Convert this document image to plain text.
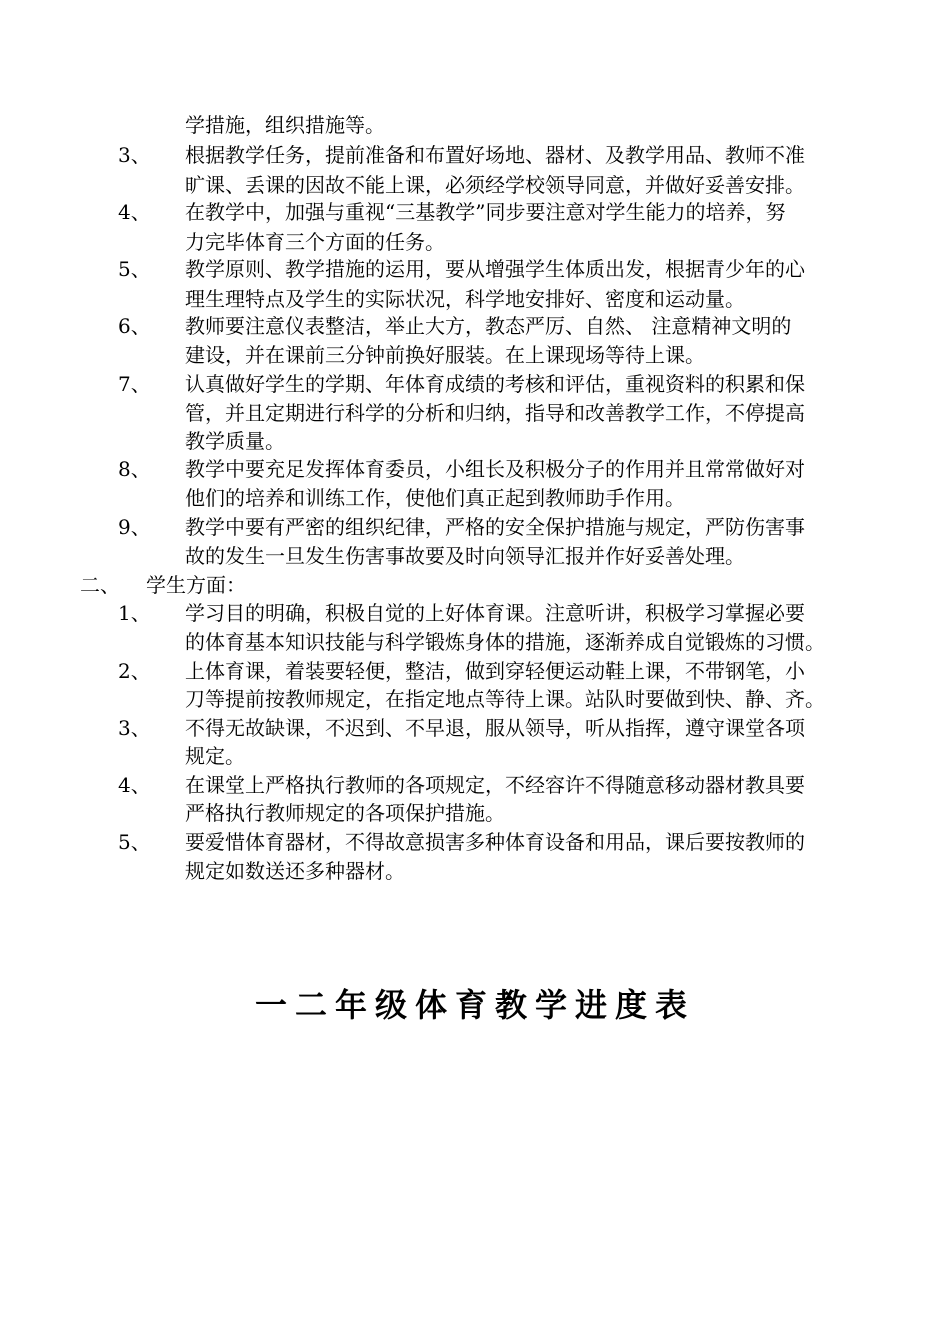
学措施，组织措施等。
3、 根据教学任务，提前准备和布置好场地、器材、及教学用品、教师不准
旷课、丢课的因故不能上课，必须经学校领导同意，并做好妥善安排。
4、 在教学中，加强与重视“三基教学”同步要注意对学生能力的培养，努
力完毕体育三个方面的任务。
5、 教学原则、教学措施的运用，要从增强学生体质出发，根据青少年的心
理生理特点及学生的实际状况，科学地安排好、密度和运动量。
6、 教师要注意仪表整洁，举止大方，教态严厉、自然、 注意精神文明的
建设，并在课前三分钟前换好服装。在上课现场等待上课。
7、 认真做好学生的学期、年体育成绩的考核和评估，重视资料的积累和保
管，并且定期进行科学的分析和归纳，指导和改善教学工作，不停提高
教学质量。
8、 教学中要充足发挥体育委员，小组长及积极分子的作用并且常常做好对
他们的培养和训练工作，使他们真正起到教师助手作用。
9、 教学中要有严密的组织纪律，严格的安全保护措施与规定，严防伤害事
故的发生一旦发生伤害事故要及时向领导汇报并作好妥善处理。
二、 学生方面：
1、 学习目的明确，积极自觉的上好体育课。注意听讲，积极学习掌握必要
的体育基本知识技能与科学锻炼身体的措施，逐渐养成自觉锻炼的习惯。
2、 上体育课，着装要轻便，整洁，做到穿轻便运动鞋上课，不带钢笔，小
刀等提前按教师规定，在指定地点等待上课。站队时要做到快、静、齐。
3、 不得无故缺课，不迟到、不早退，服从领导，听从指挥，遵守课堂各项
规定。
4、 在课堂上严格执行教师的各项规定，不经容许不得随意移动器材教具要
严格执行教师规定的各项保护措施。
5、 要爱惜体育器材，不得故意损害多种体育设备和用品，课后要按教师的
规定如数送还多种器材。
一二年级体育教学进度表
